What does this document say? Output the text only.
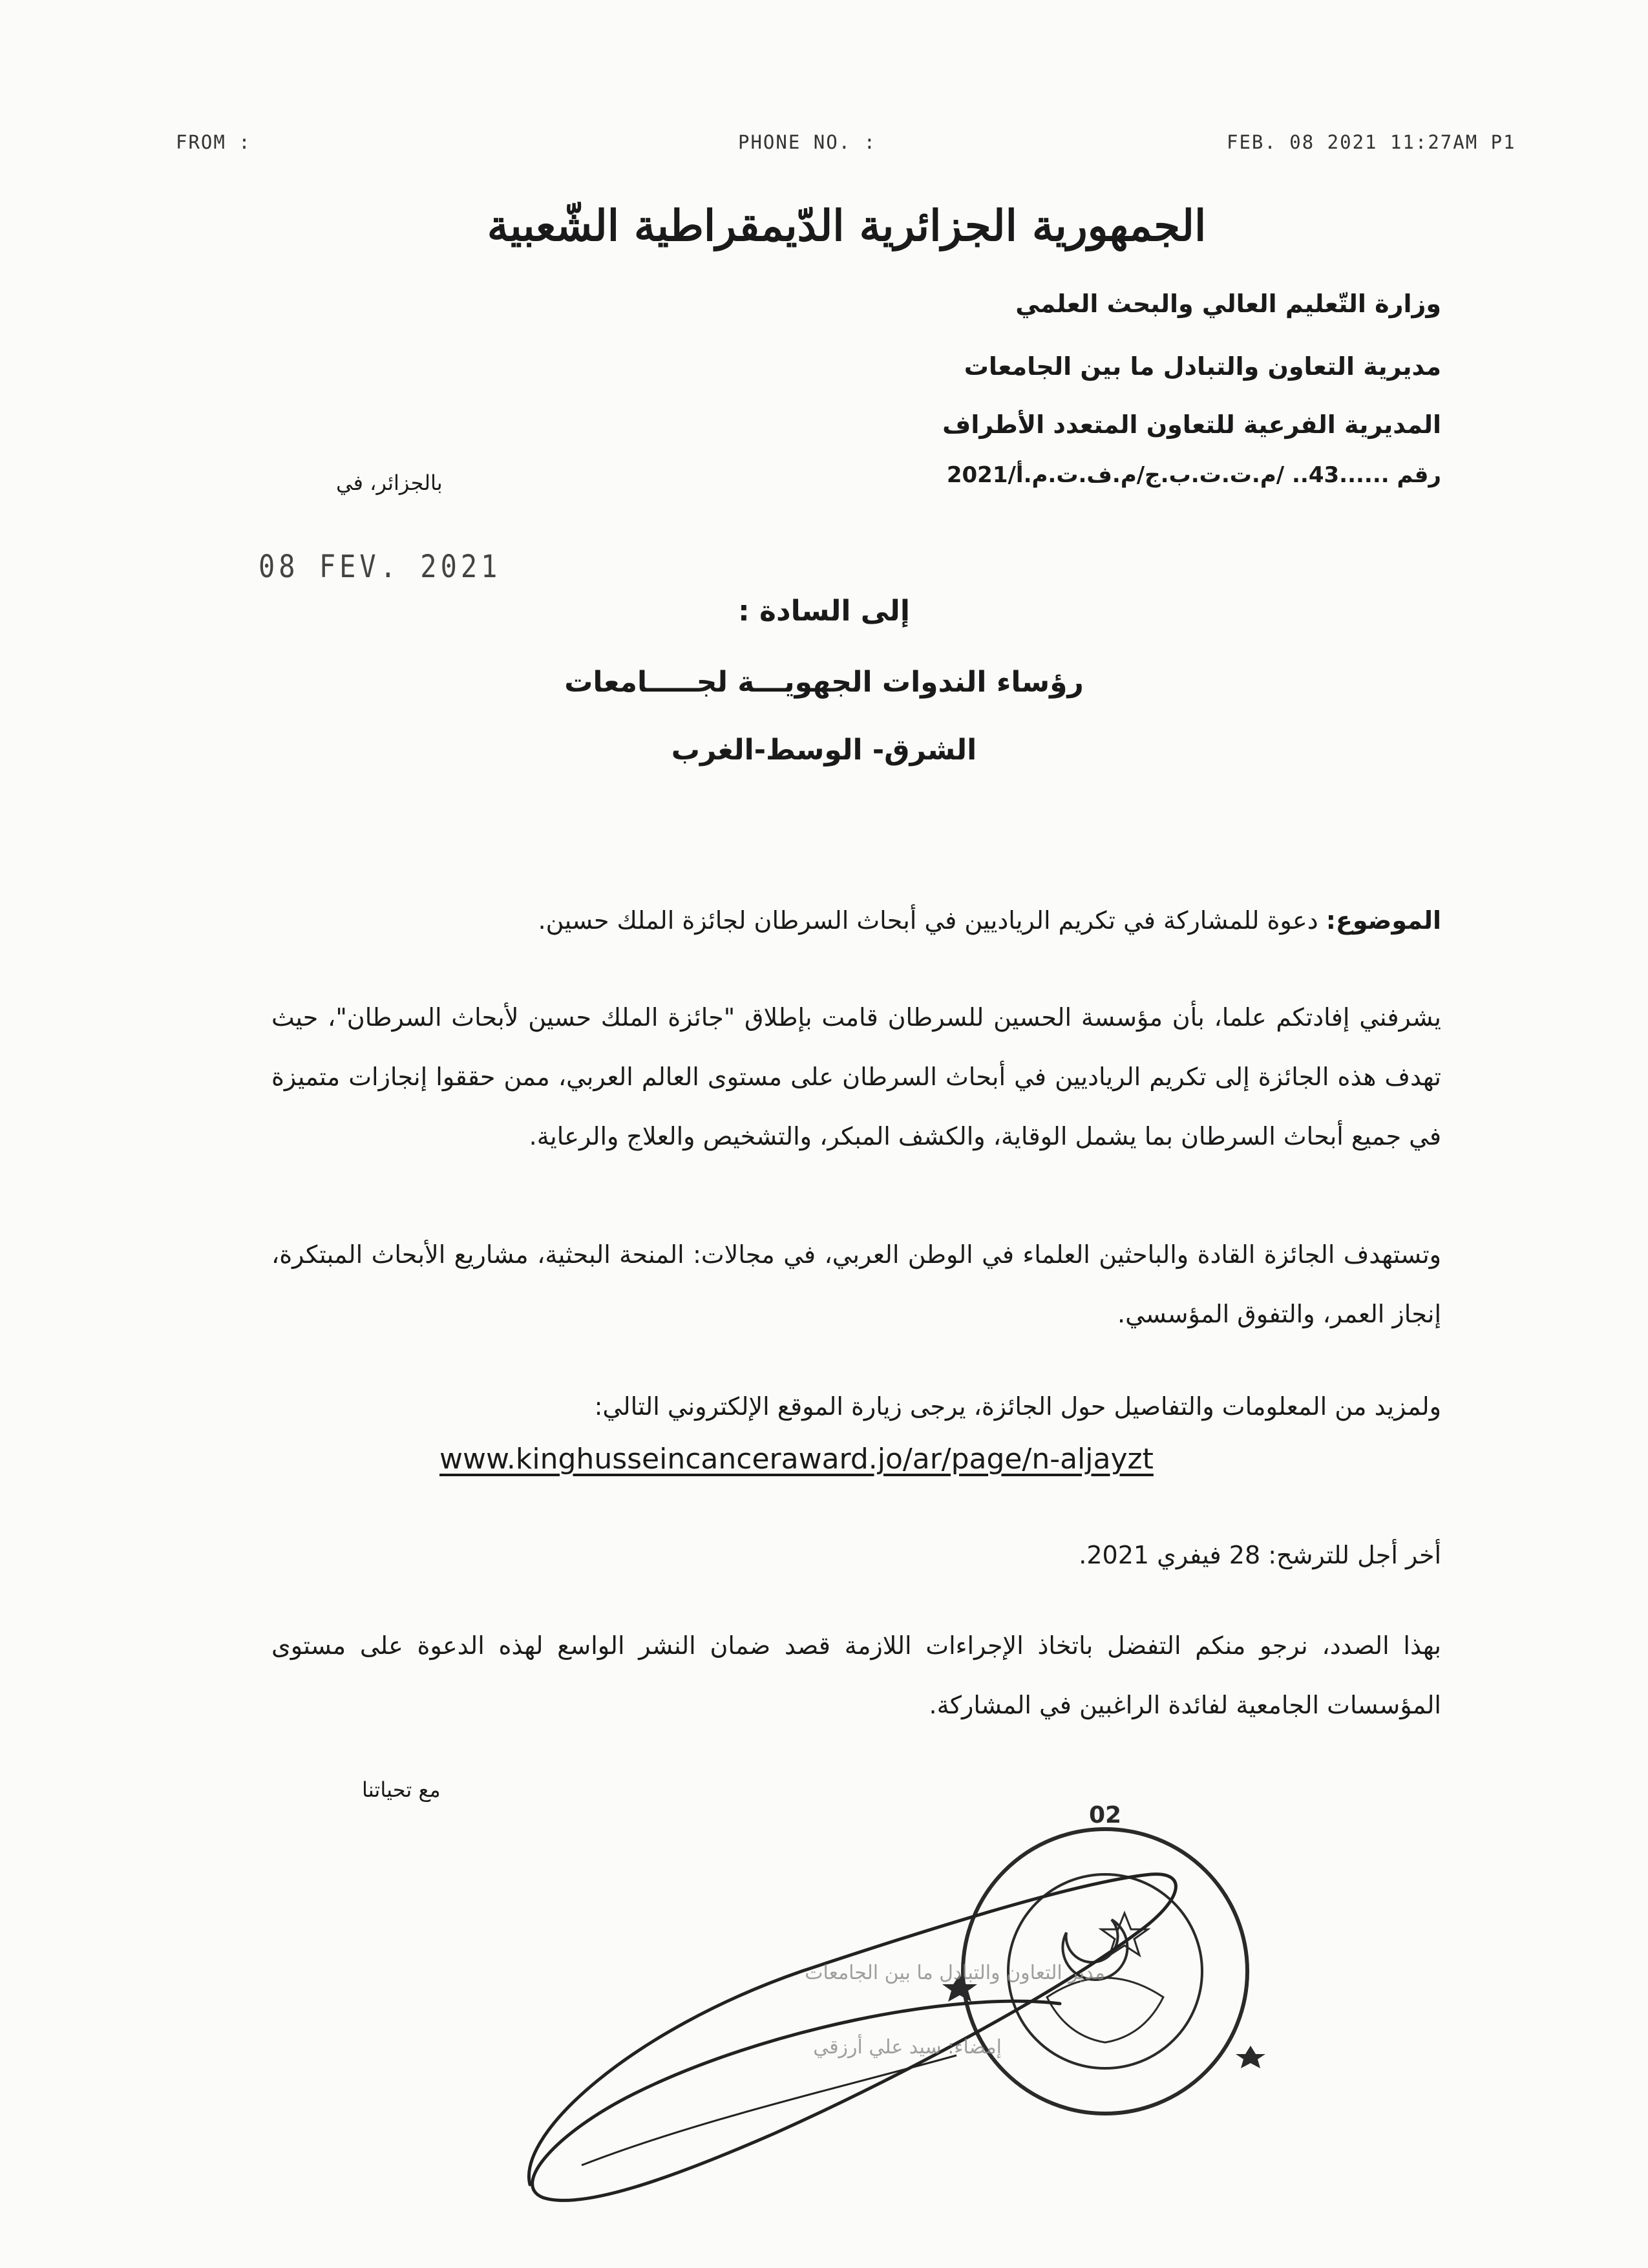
FROM :	PHONE NO. :	FEB. 08 2021 11:27AM P1
الجمهورية الجزائرية الدّيمقراطية الشّعبية
وزارة التّعليم العالي والبحث العلمي
مديرية التعاون والتبادل ما بين الجامعات
المديرية الفرعية للتعاون المتعدد الأطراف
رقم ......43.. /م.ت.ت.ب.ج/م.ف.ت.م.أ/2021
بالجزائر، في
08 FEV. 2021
إلى السادة :
رؤساء الندوات الجهويـــة لجـــــامعات
الشرق- الوسط-الغرب
الموضوع: دعوة للمشاركة في تكريم الرياديين في أبحاث السرطان لجائزة الملك حسين.
يشرفني إفادتكم علما، بأن مؤسسة الحسين للسرطان قامت بإطلاق "جائزة الملك حسين لأبحاث السرطان"، حيث تهدف هذه الجائزة إلى تكريم الرياديين في أبحاث السرطان على مستوى العالم العربي، ممن حققوا إنجازات متميزة في جميع أبحاث السرطان بما يشمل الوقاية، والكشف المبكر، والتشخيص والعلاج والرعاية.
وتستهدف الجائزة القادة والباحثين العلماء في الوطن العربي، في مجالات: المنحة البحثية، مشاريع الأبحاث المبتكرة، إنجاز العمر، والتفوق المؤسسي.
ولمزيد من المعلومات والتفاصيل حول الجائزة، يرجى زيارة الموقع الإلكتروني التالي:
www.kinghusseincanceraward.jo/ar/page/n-aljayzt
أخر أجل للترشح: 28 فيفري 2021.
بهذا الصدد، نرجو منكم التفضل باتخاذ الإجراءات اللازمة قصد ضمان النشر الواسع لهذه الدعوة على مستوى المؤسسات الجامعية لفائدة الراغبين في المشاركة.
مع تحياتنا
02
مدير التعاون والتبادل ما بين الجامعات
إمضاء: سيد علي أرزقي
